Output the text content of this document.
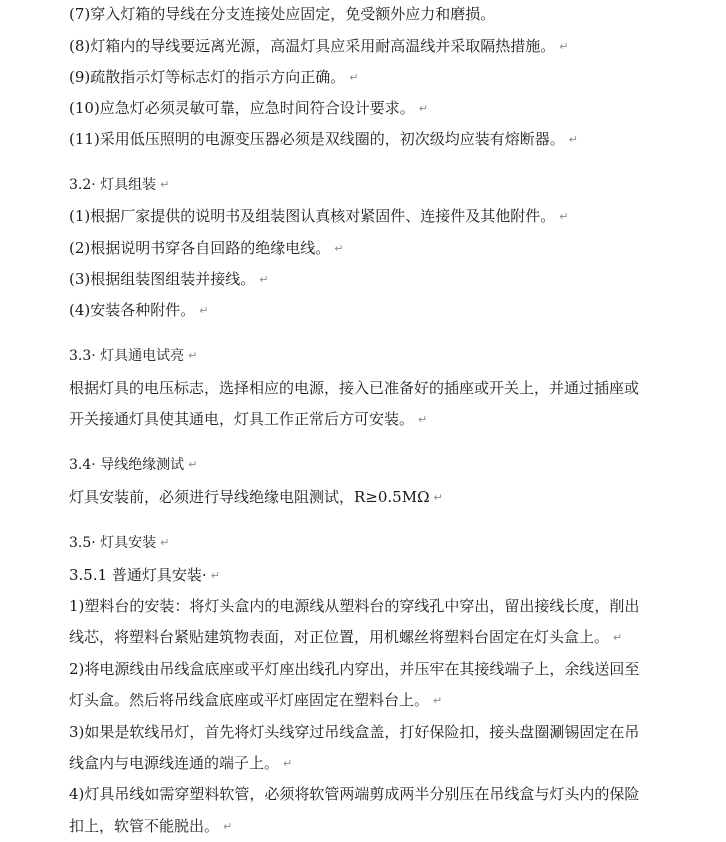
(7)穿入灯箱的导线在分支连接处应固定，免受额外应力和磨损。
(8)灯箱内的导线要远离光源，高温灯具应采用耐高温线并采取隔热措施。 ↵
(9)疏散指示灯等标志灯的指示方向正确。 ↵
(10)应急灯必须灵敏可靠，应急时间符合设计要求。 ↵
(11)采用低压照明的电源变压器必须是双线圈的，初次级均应装有熔断器。 ↵
3.2· 灯具组装 ↵
(1)根据厂家提供的说明书及组装图认真核对紧固件、连接件及其他附件。 ↵
(2)根据说明书穿各自回路的绝缘电线。 ↵
(3)根据组装图组装并接线。 ↵
(4)安装各种附件。 ↵
3.3· 灯具通电试亮 ↵
根据灯具的电压标志，选择相应的电源，接入已准备好的插座或开关上，并通过插座或
开关接通灯具使其通电，灯具工作正常后方可安装。 ↵
3.4· 导线绝缘测试 ↵
灯具安装前，必须进行导线绝缘电阻测试，R≥0.5MΩ ↵
3.5· 灯具安装 ↵
3.5.1 普通灯具安装· ↵
1)塑料台的安装：将灯头盒内的电源线从塑料台的穿线孔中穿出，留出接线长度，削出
线芯，将塑料台紧贴建筑物表面，对正位置，用机螺丝将塑料台固定在灯头盒上。 ↵
2)将电源线由吊线盒底座或平灯座出线孔内穿出，并压牢在其接线端子上，余线送回至
灯头盒。然后将吊线盒底座或平灯座固定在塑料台上。 ↵
3)如果是软线吊灯，首先将灯头线穿过吊线盒盖，打好保险扣，接头盘圈涮锡固定在吊
线盒内与电源线连通的端子上。 ↵
4)灯具吊线如需穿塑料软管，必须将软管两端剪成两半分别压在吊线盒与灯头内的保险
扣上，软管不能脱出。 ↵
